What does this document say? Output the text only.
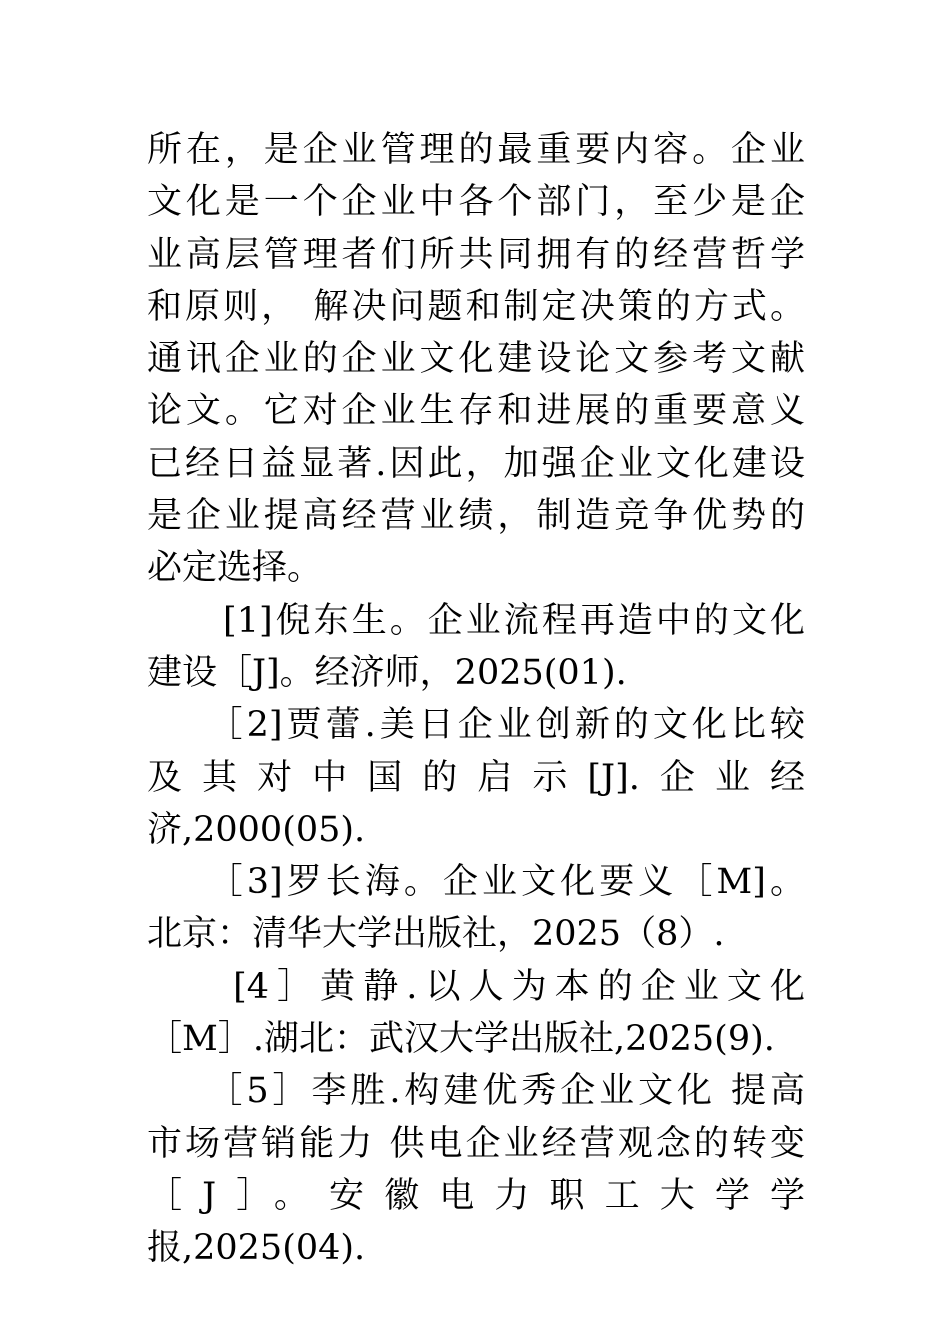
所在，是企业管理的最重要内容。企业
文化是一个企业中各个部门，至少是企
业高层管理者们所共同拥有的经营哲学
和原则， 解决问题和制定决策的方式。
通讯企业的企业文化建设论文参考文献
论文。它对企业生存和进展的重要意义
已经日益显著.因此，加强企业文化建设
是企业提高经营业绩，制造竞争优势的
必定选择。
　　[1]倪东生。企业流程再造中的文化
建设［J]。经济师，2025(01).
　　［2]贾蕾.美日企业创新的文化比较
及其对中国的启示[J].企业经
济,2000(05).
　　［3]罗长海。企业文化要义［M]。
北京：清华大学出版社，2025（8）.
　　[4］黄静.以人为本的企业文化
［M］.湖北：武汉大学出版社,2025(9).
　　［5］李胜.构建优秀企业文化 提高
市场营销能力 供电企业经营观念的转变
［J］。安徽电力职工大学学
报,2025(04).
